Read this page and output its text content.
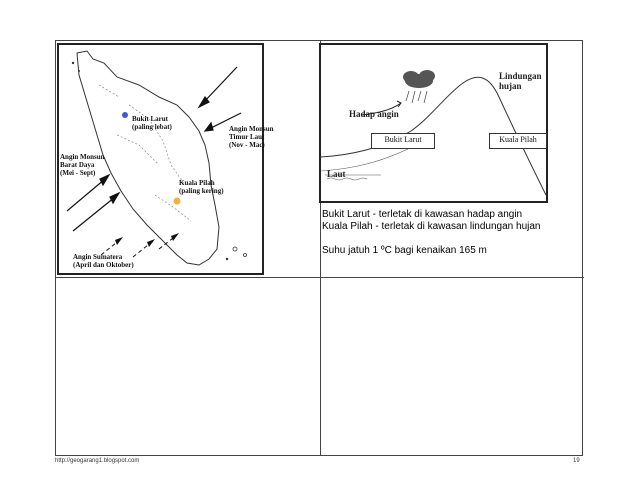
Bukit Larut
(paling lebat)	Angin Monsun
Timur Laut
(Nov - Mac)
Angin Monsun
Barat Daya
(Mei - Sept)
Kuala Pilah
(paling kering)
Angin Sumatera
(April dan Oktober)
Lindungan
hujan
Hadap angin
Laut
Bukit Larut	Kuala Pilah
Bukit Larut - terletak di kawasan hadap angin
Kuala Pilah - terletak di kawasan lindungan hujan
Suhu jatuh 1 ºC bagi kenaikan 165 m
http://geogarang1.blogspot.com	19
